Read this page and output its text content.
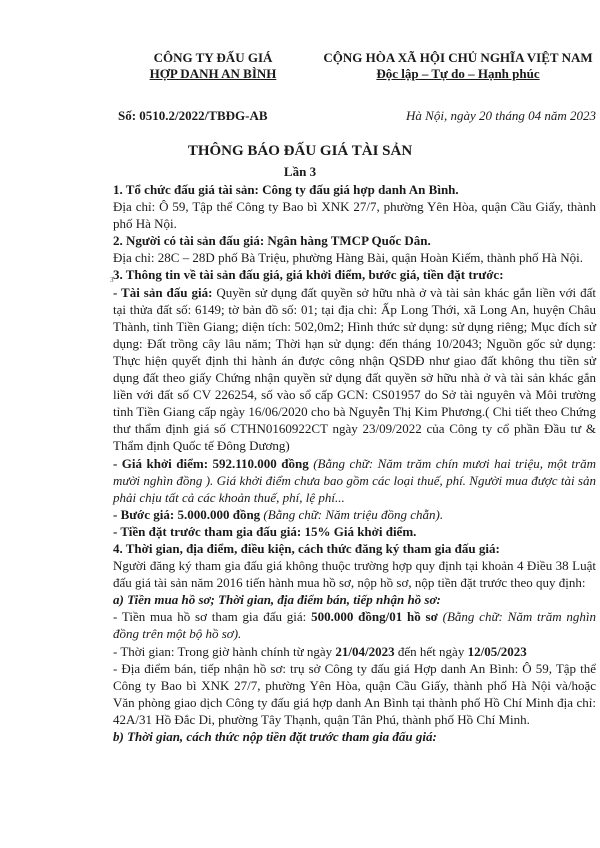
CÔNG TY ĐẤU GIÁ
HỢP DANH AN BÌNH
CỘNG HÒA XÃ HỘI CHỦ NGHĨA VIỆT NAM
Độc lập – Tự do – Hạnh phúc
Số: 0510.2/2022/TBĐG-AB	Hà Nội, ngày 20 tháng 04 năm 2023
THÔNG BÁO ĐẤU GIÁ TÀI SẢN
Lần 3
3

1. Tổ chức đấu giá tài sản: Công ty đấu giá hợp danh An Bình.

Địa chỉ: Ô 59, Tập thể Công ty Bao bì XNK 27/7, phường Yên Hòa, quận Cầu Giấy, thành phố Hà Nội.

2. Người có tài sản đấu giá: Ngân hàng TMCP Quốc Dân.

Địa chỉ: 28C – 28D phố Bà Triệu, phường Hàng Bài, quận Hoàn Kiếm, thành phố Hà Nội.

3. Thông tin về tài sản đấu giá, giá khởi điểm, bước giá, tiền đặt trước:

- Tài sản đấu giá: Quyền sử dụng đất quyền sở hữu nhà ở và tài sản khác gắn liền với đất tại thửa đất số: 6149; tờ bản đồ số: 01; tại địa chỉ: Ấp Long Thới, xã Long An, huyện Châu Thành, tỉnh Tiền Giang; diện tích: 502,0m2; Hình thức sử dụng: sử dụng riêng; Mục đích sử dụng: Đất trồng cây lâu năm; Thời hạn sử dụng: đến tháng 10/2043; Nguồn gốc sử dụng: Thực hiện quyết định thi hành án được công nhận QSDĐ như giao đất không thu tiền sử dụng đất theo giấy Chứng nhận quyền sử dụng đất quyền sở hữu nhà ở và tài sản khác gắn liền với đất số CV 226254, số vào sổ cấp GCN: CS01957 do Sở tài nguyên và Môi trường tỉnh Tiền Giang cấp ngày 16/06/2020 cho bà Nguyễn Thị Kim Phương.( Chi tiết theo Chứng thư thẩm định giá số CTHN0160922CT ngày 23/09/2022 của Công ty cổ phần Đầu tư & Thẩm định Quốc tế Đông Dương)

- Giá khởi điểm: 592.110.000 đồng (Bằng chữ: Năm trăm chín mươi hai triệu, một trăm mười nghìn đồng ). Giá khởi điểm chưa bao gồm các loại thuế, phí. Người mua được tài sản phải chịu tất cả các khoản thuế, phí, lệ phí...

- Bước giá: 5.000.000 đồng (Bằng chữ: Năm triệu đồng chẵn).

- Tiền đặt trước tham gia đấu giá: 15% Giá khởi điểm.

4. Thời gian, địa điểm, điều kiện, cách thức đăng ký tham gia đấu giá:

Người đăng ký tham gia đấu giá không thuộc trường hợp quy định tại khoản 4 Điều 38 Luật đấu giá tài sản năm 2016 tiến hành mua hồ sơ, nộp hồ sơ, nộp tiền đặt trước theo quy định:

a) Tiền mua hồ sơ; Thời gian, địa điểm bán, tiếp nhận hồ sơ:

- Tiền mua hồ sơ tham gia đấu giá: 500.000 đồng/01 hồ sơ (Bằng chữ: Năm trăm nghìn đồng trên một bộ hồ sơ).

- Thời gian: Trong giờ hành chính từ ngày 21/04/2023 đến hết ngày 12/05/2023

- Địa điểm bán, tiếp nhận hồ sơ: trụ sở Công ty đấu giá Hợp danh An Bình: Ô 59, Tập thể Công ty Bao bì XNK 27/7, phường Yên Hòa, quận Cầu Giấy, thành phố Hà Nội và/hoặc Văn phòng giao dịch Công ty đấu giá hợp danh An Bình tại thành phố Hồ Chí Minh địa chỉ: 42A/31 Hồ Đắc Di, phường Tây Thạnh, quận Tân Phú, thành phố Hồ Chí Minh.

b) Thời gian, cách thức nộp tiền đặt trước tham gia đấu giá:
